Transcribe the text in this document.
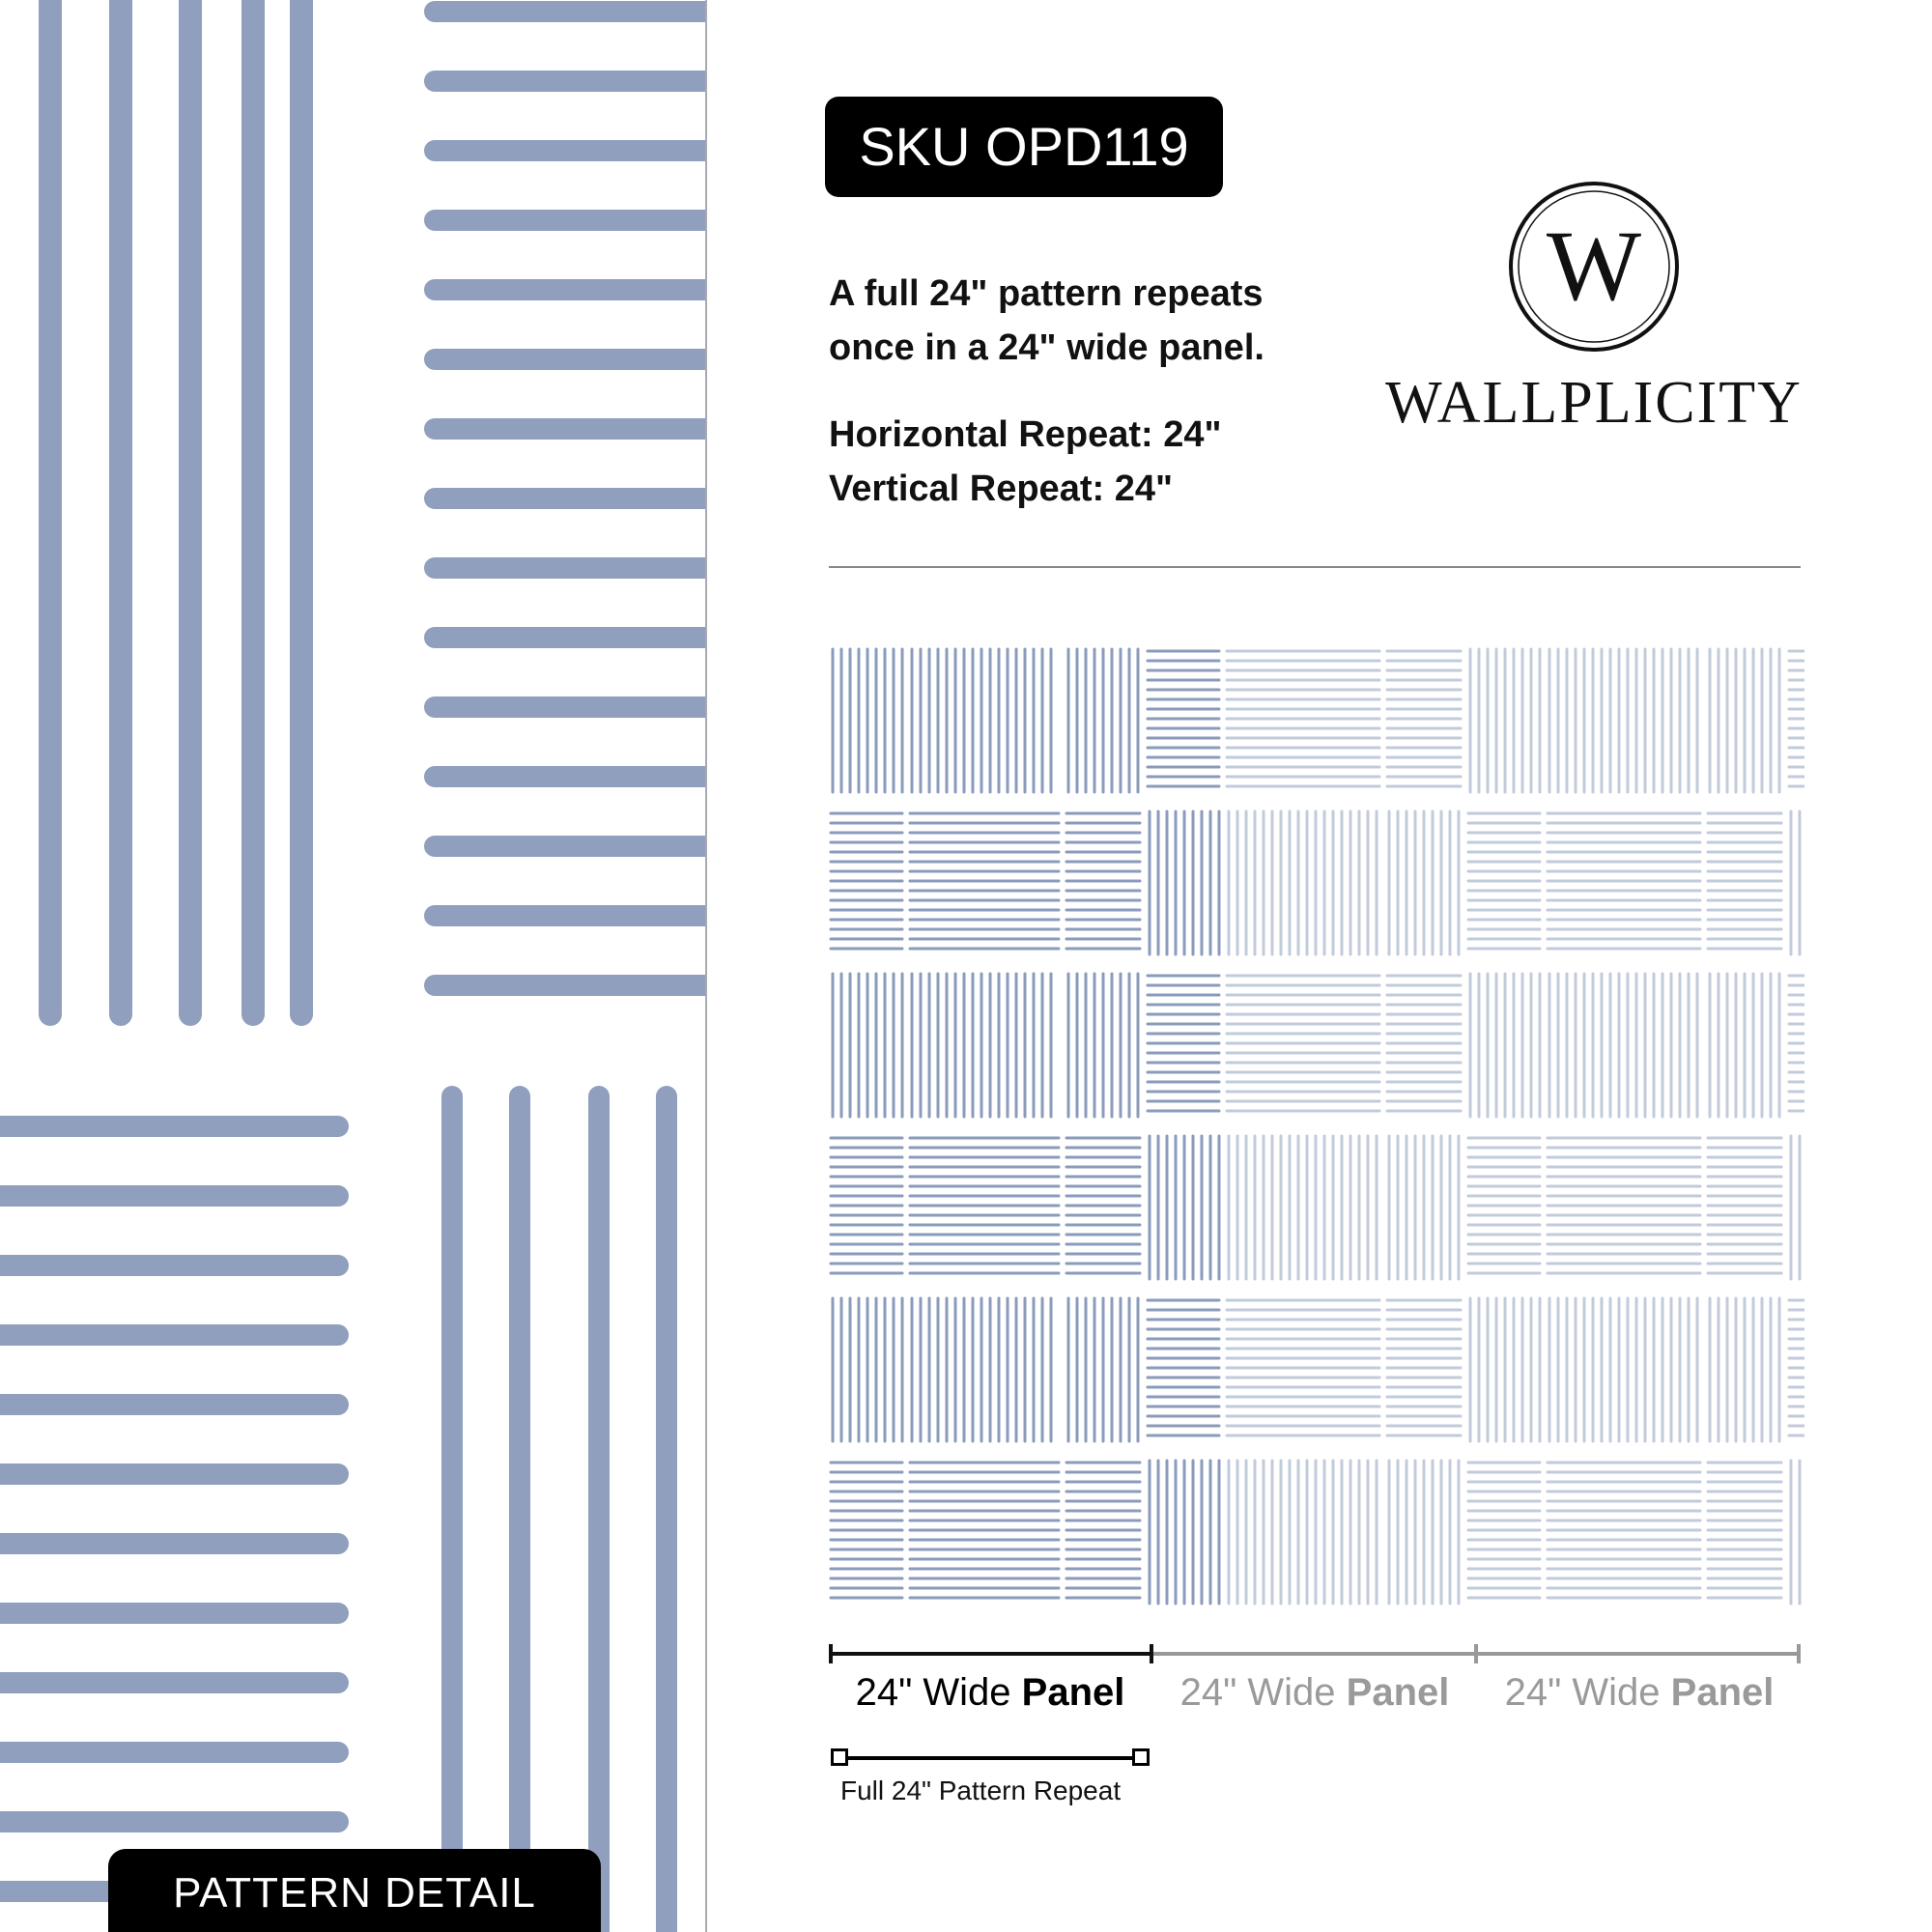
PATTERN DETAIL
SKU OPD119

A full 24" pattern repeats

once in a 24" wide panel.

Horizontal Repeat: 24"

Vertical Repeat: 24"

W
WALLPLICITY
24" Wide Panel	24" Wide Panel	24" Wide Panel
Full 24" Pattern Repeat
